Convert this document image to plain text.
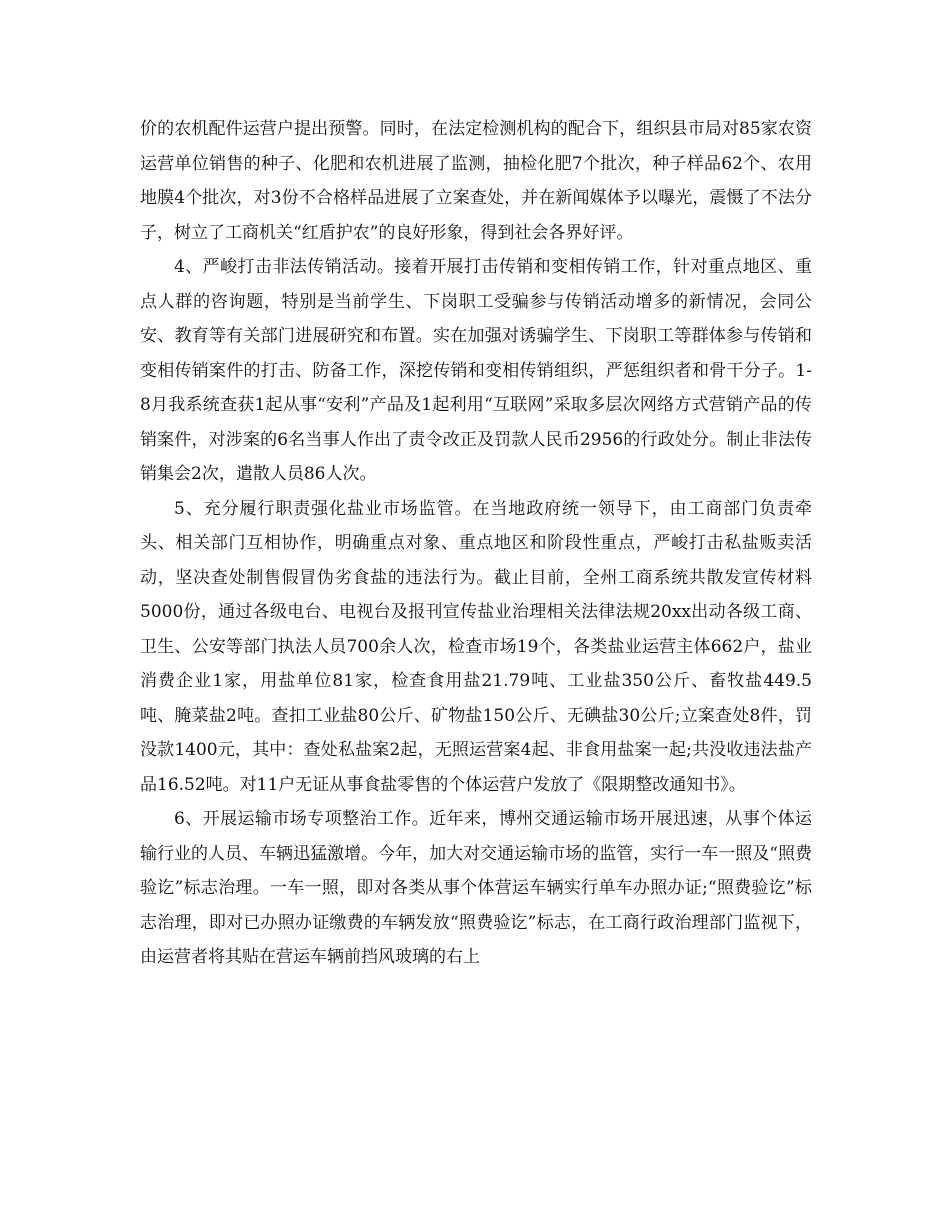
价的农机配件运营户提出预警。同时，在法定检测机构的配合下，组织县市局对85家农资运营单位销售的种子、化肥和农机进展了监测，抽检化肥7个批次，种子样品62个、农用地膜4个批次，对3份不合格样品进展了立案查处，并在新闻媒体予以曝光，震慑了不法分子，树立了工商机关“红盾护农”的良好形象，得到社会各界好评。

4、严峻打击非法传销活动。接着开展打击传销和变相传销工作，针对重点地区、重点人群的咨询题，特别是当前学生、下岗职工受骗参与传销活动增多的新情况，会同公安、教育等有关部门进展研究和布置。实在加强对诱骗学生、下岗职工等群体参与传销和变相传销案件的打击、防备工作，深挖传销和变相传销组织，严惩组织者和骨干分子。1-8月我系统查获1起从事“安利”产品及1起利用“互联网”采取多层次网络方式营销产品的传销案件，对涉案的6名当事人作出了责令改正及罚款人民币2956的行政处分。制止非法传销集会2次，遣散人员86人次。

5、充分履行职责强化盐业市场监管。在当地政府统一领导下，由工商部门负责牵头、相关部门互相协作，明确重点对象、重点地区和阶段性重点，严峻打击私盐贩卖活动，坚决查处制售假冒伪劣食盐的违法行为。截止目前，全州工商系统共散发宣传材料5000份，通过各级电台、电视台及报刊宣传盐业治理相关法律法规20xx出动各级工商、卫生、公安等部门执法人员700余人次，检查市场19个，各类盐业运营主体662户，盐业消费企业1家，用盐单位81家，检查食用盐21.79吨、工业盐350公斤、畜牧盐449.5吨、腌菜盐2吨。查扣工业盐80公斤、矿物盐150公斤、无碘盐30公斤;立案查处8件，罚没款1400元，其中：查处私盐案2起，无照运营案4起、非食用盐案一起;共没收违法盐产品16.52吨。对11户无证从事食盐零售的个体运营户发放了《限期整改通知书》。

6、开展运输市场专项整治工作。近年来，博州交通运输市场开展迅速，从事个体运输行业的人员、车辆迅猛激增。今年，加大对交通运输市场的监管，实行一车一照及“照费验讫”标志治理。一车一照，即对各类从事个体营运车辆实行单车办照办证;“照费验讫”标志治理，即对已办照办证缴费的车辆发放“照费验讫”标志，在工商行政治理部门监视下，由运营者将其贴在营运车辆前挡风玻璃的右上
